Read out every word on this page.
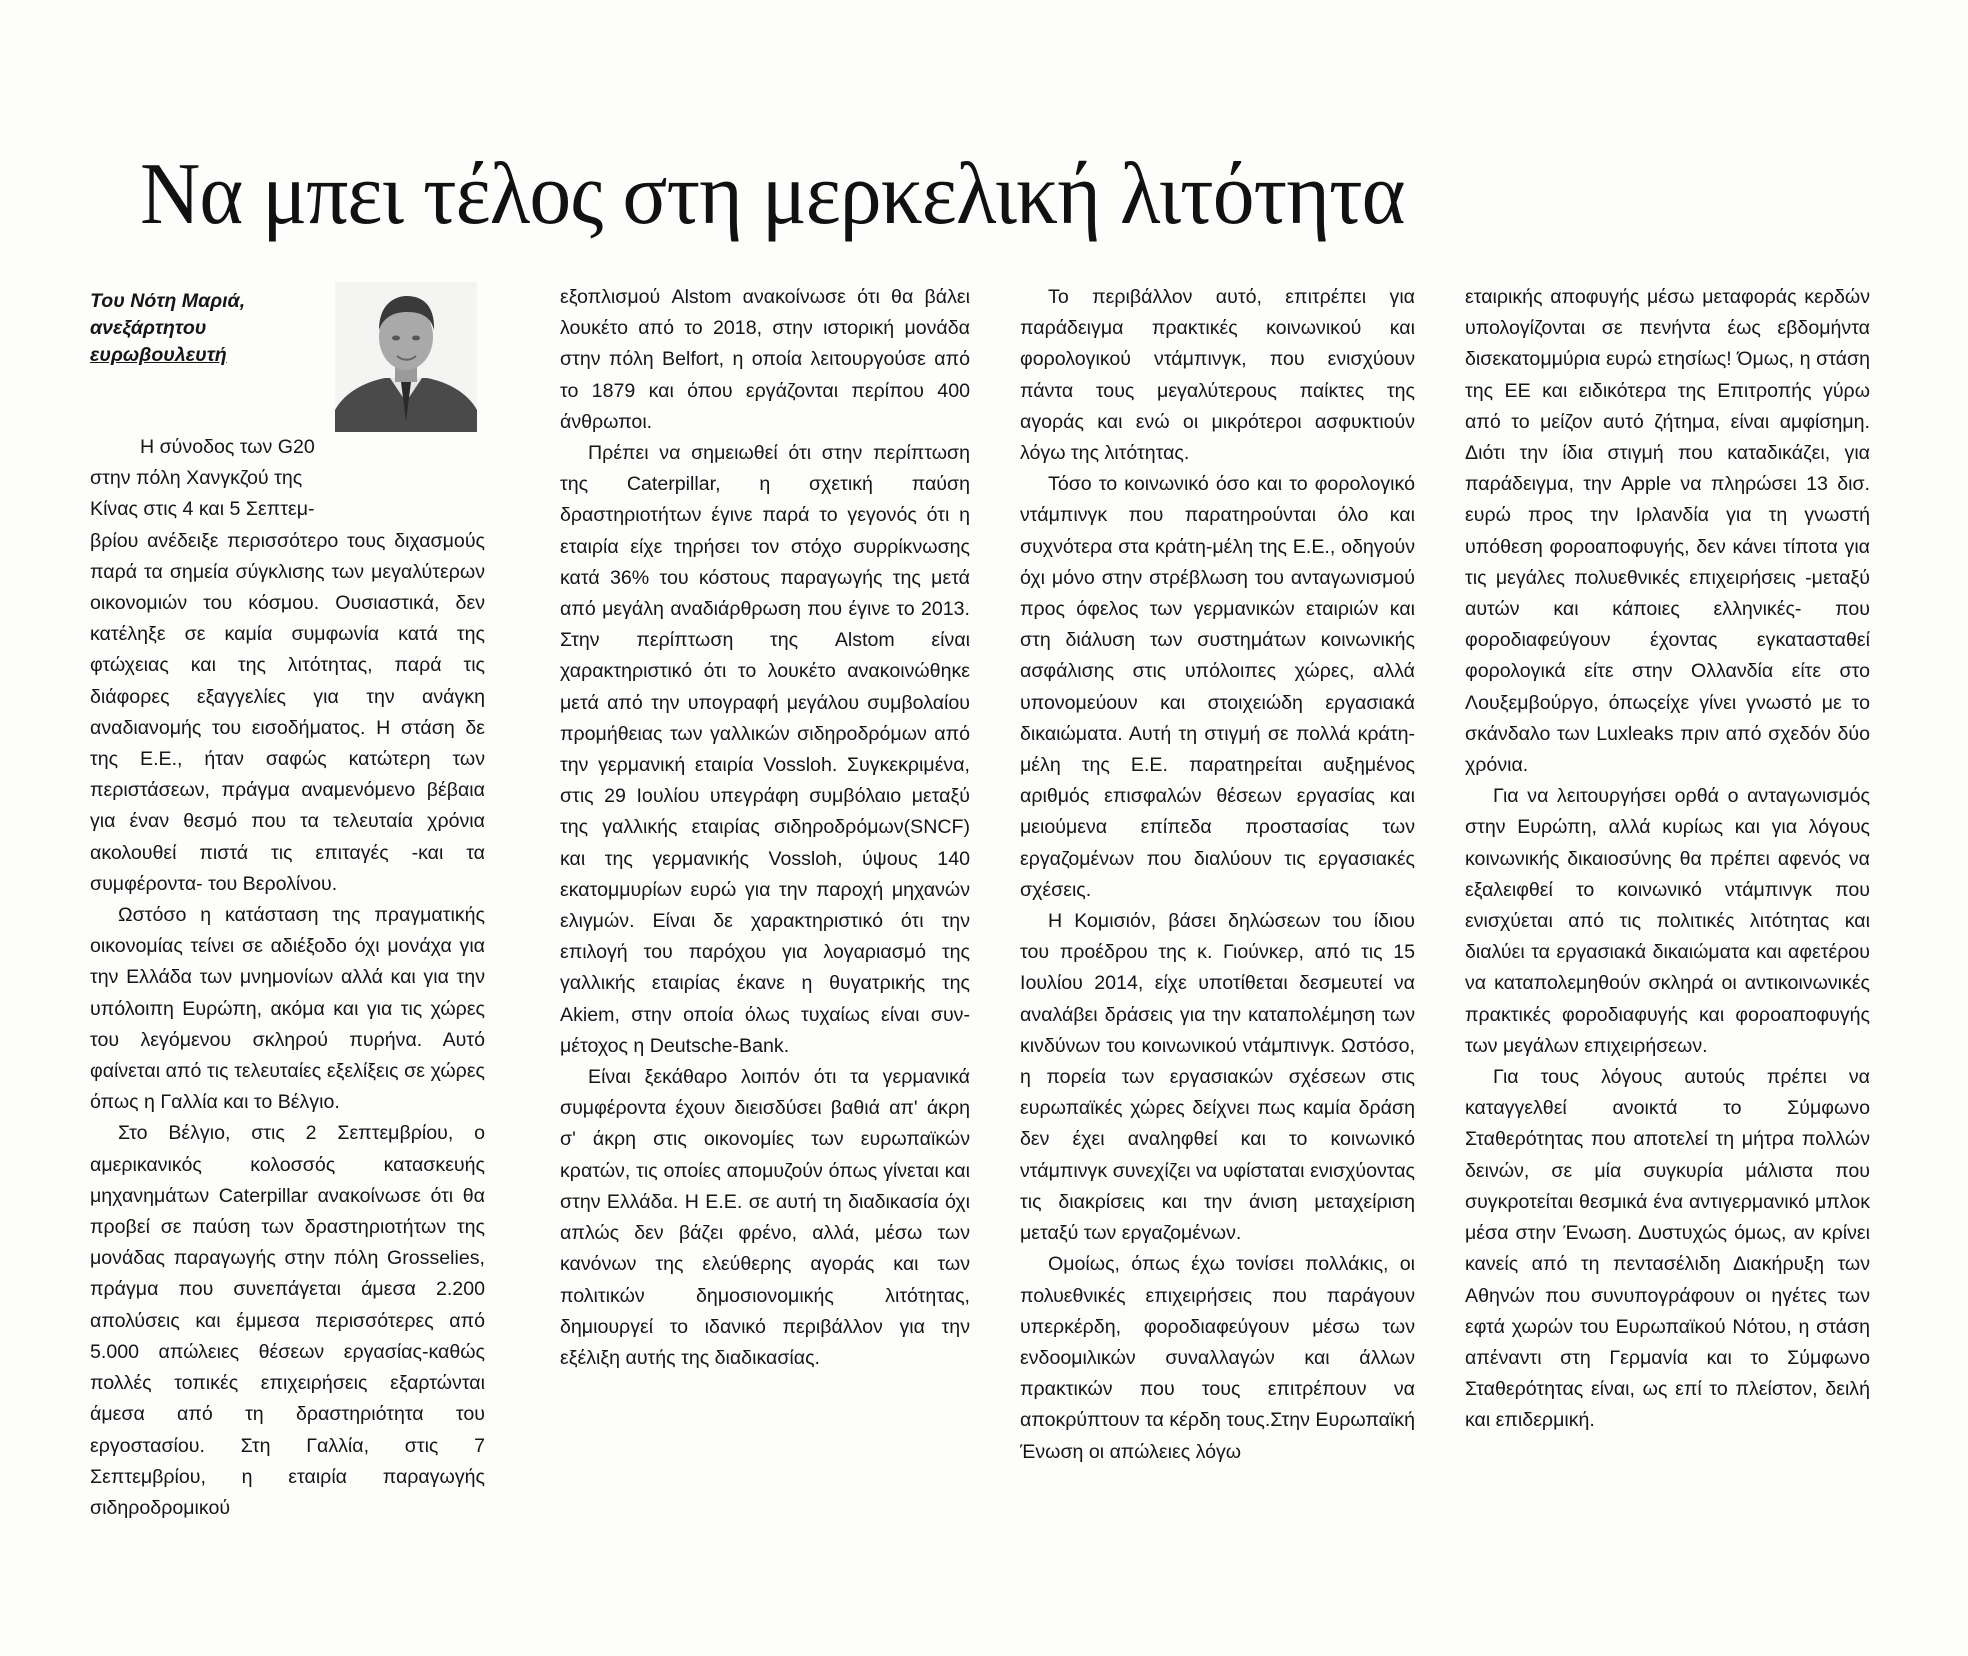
Να μπει τέλος στη μερκελική λιτότητα
Του Νότη Μαριά,
ανεξάρτητου
ευρωβουλευτή

Η σύνοδος των G20

στην πόλη Χανγκζού της

Κίνας στις 4 και 5 Σεπτεμ-

βρίου ανέδειξε περισσότερο τους διχασμούς παρά τα σημεία σύγκλισης των μεγαλύτερων οικονομιών του κόσμου. Ουσιαστικά, δεν κατέληξε σε καμία συμφωνία κατά της φτώχειας και της λιτότητας, παρά τις διάφορες εξαγγελίες για την ανάγκη αναδιανομής του εισοδήματος. Η στάση δε της Ε.Ε., ήταν σαφώς κατώτερη των περιστάσεων, πράγμα αναμενόμενο βέβαια για έναν θεσμό που τα τελευταία χρόνια ακολουθεί πιστά τις επιταγές -και τα συμφέροντα- του Βερολίνου.

Ωστόσο η κατάσταση της πραγματικής οικονομίας τείνει σε αδιέξοδο όχι μονάχα για την Ελλάδα των μνημονίων αλλά και για την υπόλοιπη Ευρώπη, ακόμα και για τις χώρες του λεγόμενου σκληρού πυρήνα. Αυτό φαίνεται από τις τελευταίες εξελίξεις σε χώρες όπως η Γαλλία και το Βέλγιο.

Στο Βέλγιο, στις 2 Σεπτεμβρίου, ο αμερικανικός κολοσσός κατασκευής μηχανημάτων Caterpillar ανακοίνωσε ότι θα προβεί σε παύση των δραστηριοτήτων της μονάδας παραγωγής στην πόλη Grosselies, πράγμα που συνεπάγεται άμεσα 2.200 απολύσεις και έμμεσα περισσότερες από 5.000 απώλειες θέσεων εργασίας-καθώς πολλές τοπικές επιχειρήσεις εξαρτώνται άμεσα από τη δραστηριότητα του εργοστασίου. Στη Γαλλία, στις 7 Σεπτεμβρίου, η εταιρία παραγωγής σιδηροδρομικού

εξοπλισμού Alstom ανακοίνωσε ότι θα βάλει λουκέτο από το 2018, στην ιστορική μονάδα στην πόλη Belfort, η οποία λειτουργούσε από το 1879 και όπου εργάζονται περίπου 400 άνθρωποι.

Πρέπει να σημειωθεί ότι στην περίπτωση της Caterpillar, η σχετική παύση δραστηριοτήτων έγινε παρά το γεγονός ότι η εταιρία είχε τηρήσει τον στόχο συρρίκνωσης κατά 36% του κόστους παραγωγής της μετά από μεγάλη αναδιάρθρωση που έγινε το 2013. Στην περίπτωση της Alstom είναι χαρακτηριστικό ότι το λουκέτο ανακοινώθηκε μετά από την υπογραφή μεγάλου συμβολαίου προμήθειας των γαλλικών σιδηροδρόμων από την γερμανική εταιρία Vossloh. Συγκεκριμένα, στις 29 Ιουλίου υπεγράφη συμβόλαιο μεταξύ της γαλλικής εταιρίας σιδηροδρόμων(SNCF) και της γερμανικής Vossloh, ύψους 140 εκατομμυρίων ευρώ για την παροχή μηχανών ελιγμών. Είναι δε χαρακτηριστικό ότι την επιλογή του παρόχου για λογαριασμό της γαλλικής εταιρίας έκανε η θυγατρικής της Akiem, στην οποία όλως τυχαίως είναι συν-μέτοχος η Deutsche-Bank.

Είναι ξεκάθαρο λοιπόν ότι τα γερμανικά συμφέροντα έχουν διεισδύσει βαθιά απ' άκρη σ' άκρη στις οικονομίες των ευρωπαϊκών κρατών, τις οποίες απομυζούν όπως γίνεται και στην Ελλάδα. Η Ε.Ε. σε αυτή τη διαδικασία όχι απλώς δεν βάζει φρένο, αλλά, μέσω των κανόνων της ελεύθερης αγοράς και των πολιτικών δημοσιονομικής λιτότητας, δημιουργεί το ιδανικό περιβάλλον για την εξέλιξη αυτής της διαδικασίας.

Το περιβάλλον αυτό, επιτρέπει για παράδειγμα πρακτικές κοινωνικού και φορολογικού ντάμπινγκ, που ενισχύουν πάντα τους μεγαλύτερους παίκτες της αγοράς και ενώ οι μικρότεροι ασφυκτιούν λόγω της λιτότητας.

Τόσο το κοινωνικό όσο και το φορολογικό ντάμπινγκ που παρατηρούνται όλο και συχνότερα στα κράτη-μέλη της Ε.Ε., οδηγούν όχι μόνο στην στρέβλωση του ανταγωνισμού προς όφελος των γερμανικών εταιριών και στη διάλυση των συστημάτων κοινωνικής ασφάλισης στις υπόλοιπες χώρες, αλλά υπονομεύουν και στοιχειώδη εργασιακά δικαιώματα. Αυτή τη στιγμή σε πολλά κράτη-μέλη της Ε.Ε. παρατηρείται αυξημένος αριθμός επισφαλών θέσεων εργασίας και μειούμενα επίπεδα προστασίας των εργαζομένων που διαλύουν τις εργασιακές σχέσεις.

Η Κομισιόν, βάσει δηλώσεων του ίδιου του προέδρου της κ. Γιούνκερ, από τις 15 Ιουλίου 2014, είχε υποτίθεται δεσμευτεί να αναλάβει δράσεις για την καταπολέμηση των κινδύνων του κοινωνικού ντάμπινγκ. Ωστόσο, η πορεία των εργασιακών σχέσεων στις ευρωπαϊκές χώρες δείχνει πως καμία δράση δεν έχει αναληφθεί και το κοινωνικό ντάμπινγκ συνεχίζει να υφίσταται ενισχύοντας τις διακρίσεις και την άνιση μεταχείριση μεταξύ των εργαζομένων.

Ομοίως, όπως έχω τονίσει πολλάκις, οι πολυεθνικές επιχειρήσεις που παράγουν υπερκέρδη, φοροδιαφεύγουν μέσω των ενδοομιλικών συναλλαγών και άλλων πρακτικών που τους επιτρέπουν να αποκρύπτουν τα κέρδη τους.Στην Ευρωπαϊκή Ένωση οι απώλειες λόγω

εταιρικής αποφυγής μέσω μεταφοράς κερδών υπολογίζονται σε πενήντα έως εβδομήντα δισεκατομμύρια ευρώ ετησίως! Όμως, η στάση της ΕΕ και ειδικότερα της Επιτροπής γύρω από το μείζον αυτό ζήτημα, είναι αμφίσημη. Διότι την ίδια στιγμή που καταδικάζει, για παράδειγμα, την Apple να πληρώσει 13 δισ. ευρώ προς την Ιρλανδία για τη γνωστή υπόθεση φοροαποφυγής, δεν κάνει τίποτα για τις μεγάλες πολυεθνικές επιχειρήσεις -μεταξύ αυτών και κάποιες ελληνικές- που φοροδιαφεύγουν έχοντας εγκατασταθεί φορολογικά είτε στην Ολλανδία είτε στο Λουξεμβούργο, όπωςείχε γίνει γνωστό με το σκάνδαλο των Luxleaks πριν από σχεδόν δύο χρόνια.

Για να λειτουργήσει ορθά ο ανταγωνισμός στην Ευρώπη, αλλά κυρίως και για λόγους κοινωνικής δικαιοσύνης θα πρέπει αφενός να εξαλειφθεί το κοινωνικό ντάμπινγκ που ενισχύεται από τις πολιτικές λιτότητας και διαλύει τα εργασιακά δικαιώματα και αφετέρου να καταπολεμηθούν σκληρά οι αντικοινωνικές πρακτικές φοροδιαφυγής και φοροαποφυγής των μεγάλων επιχειρήσεων.

Για τους λόγους αυτούς πρέπει να καταγγελθεί ανοικτά το Σύμφωνο Σταθερότητας που αποτελεί τη μήτρα πολλών δεινών, σε μία συγκυρία μάλιστα που συγκροτείται θεσμικά ένα αντιγερμανικό μπλοκ μέσα στην Ένωση. Δυστυχώς όμως, αν κρίνει κανείς από τη πεντασέλιδη Διακήρυξη των Αθηνών που συνυπογράφουν οι ηγέτες των εφτά χωρών του Ευρωπαϊκού Νότου, η στάση απέναντι στη Γερμανία και το Σύμφωνο Σταθερότητας είναι, ως επί το πλείστον, δειλή και επιδερμική.
